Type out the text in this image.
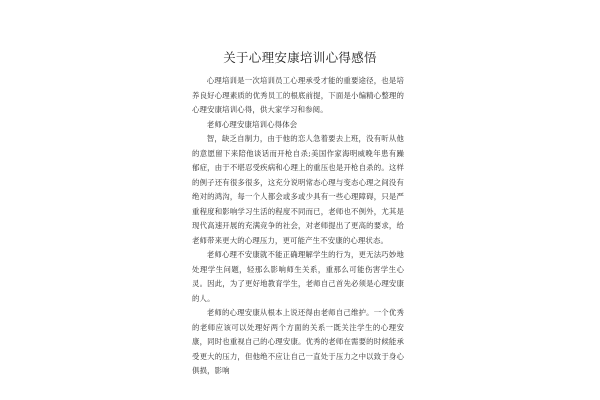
关于心理安康培训心得感悟

心理培训是一次培训员工心理承受才能的重要途径，也是培养良好心理素质的优秀员工的根底前提，下面是小编精心整理的心理安康培训心得，供大家学习和参阅。

老师心理安康培训心得体会

智，缺乏自制力，由于他的恋人急着要去上班，没有听从他的意愿留下来陪他谈话而开枪自杀;美国作家海明威晚年患有躁郁症，由于不堪忍受疾病和心理上的重压也是开枪自杀的。这样的例子还有很多很多，这充分说明常态心理与变态心理之间没有绝对的鸿沟，每一个人都会或多或少具有一些心理障碍，只是严重程度和影响学习生活的程度不同而已，老师也不例外，尤其是现代高速开展的充满竞争的社会，对老师提出了更高的要求，给老师带来更大的心理压力，更可能产生不安康的心理状态。

老师心理不安康就不能正确理解学生的行为，更无法巧妙地处理学生问题，轻那么影响师生关系，重那么可能伤害学生心灵。因此，为了更好地教育学生，老师自己首先必须是心理安康的人。

老师的心理安康从根本上说还得由老师自己维护。一个优秀的老师应该可以处理好两个方面的关系一既关注学生的心理安康，同时也重视自己的心理安康。优秀的老师在需要的时候能承受更大的压力，但他绝不应让自己一直处于压力之中以致于身心俱损，影响
